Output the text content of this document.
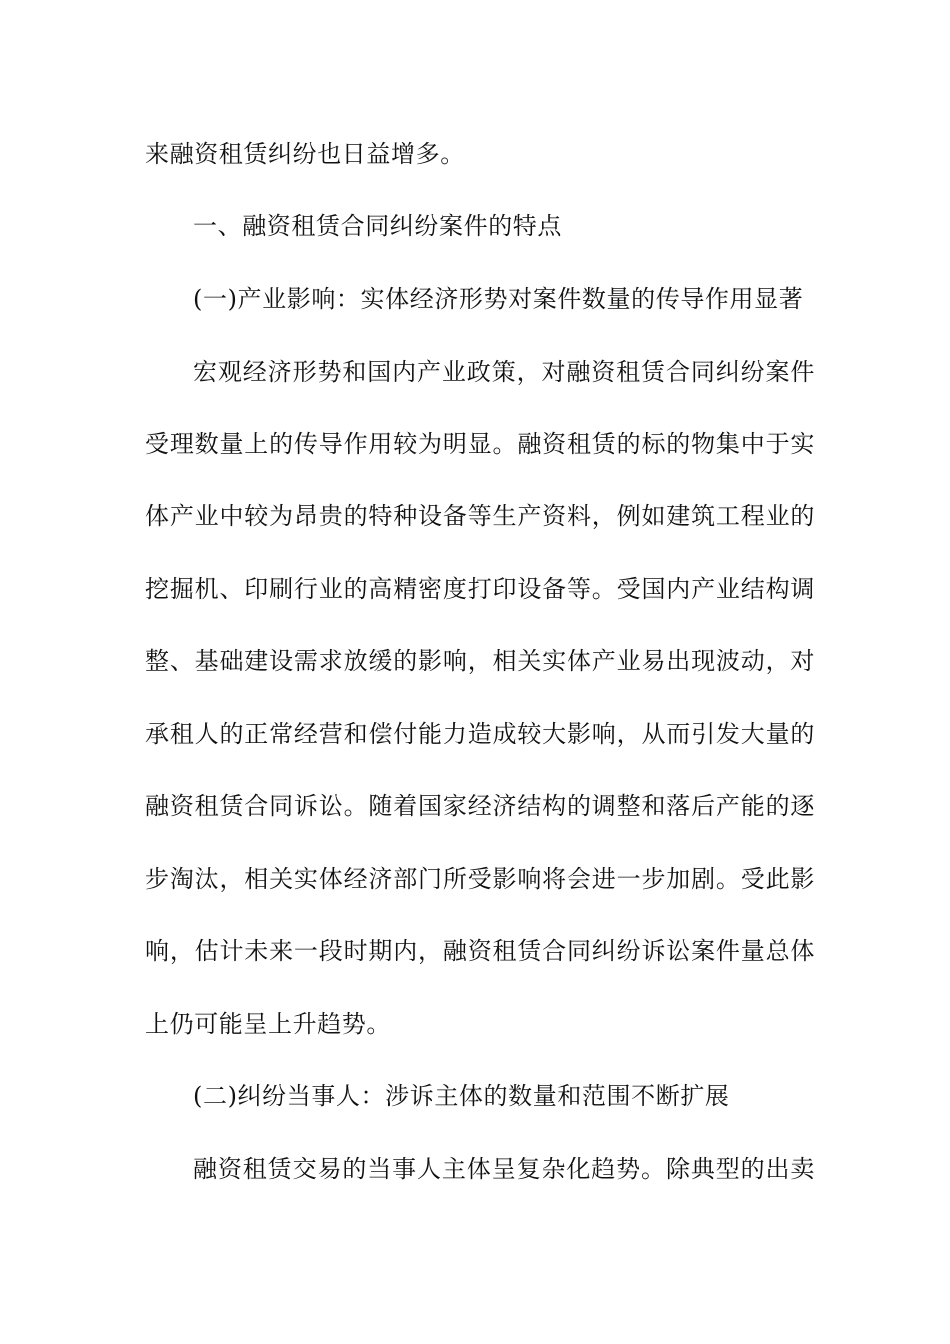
来融资租赁纠纷也日益增多。
一、融资租赁合同纠纷案件的特点
(一)产业影响：实体经济形势对案件数量的传导作用显著
宏观经济形势和国内产业政策，对融资租赁合同纠纷案件
受理数量上的传导作用较为明显。融资租赁的标的物集中于实
体产业中较为昂贵的特种设备等生产资料，例如建筑工程业的
挖掘机、印刷行业的高精密度打印设备等。受国内产业结构调
整、基础建设需求放缓的影响，相关实体产业易出现波动，对
承租人的正常经营和偿付能力造成较大影响，从而引发大量的
融资租赁合同诉讼。随着国家经济结构的调整和落后产能的逐
步淘汰，相关实体经济部门所受影响将会进一步加剧。受此影
响，估计未来一段时期内，融资租赁合同纠纷诉讼案件量总体
上仍可能呈上升趋势。
(二)纠纷当事人：涉诉主体的数量和范围不断扩展
融资租赁交易的当事人主体呈复杂化趋势。除典型的出卖
